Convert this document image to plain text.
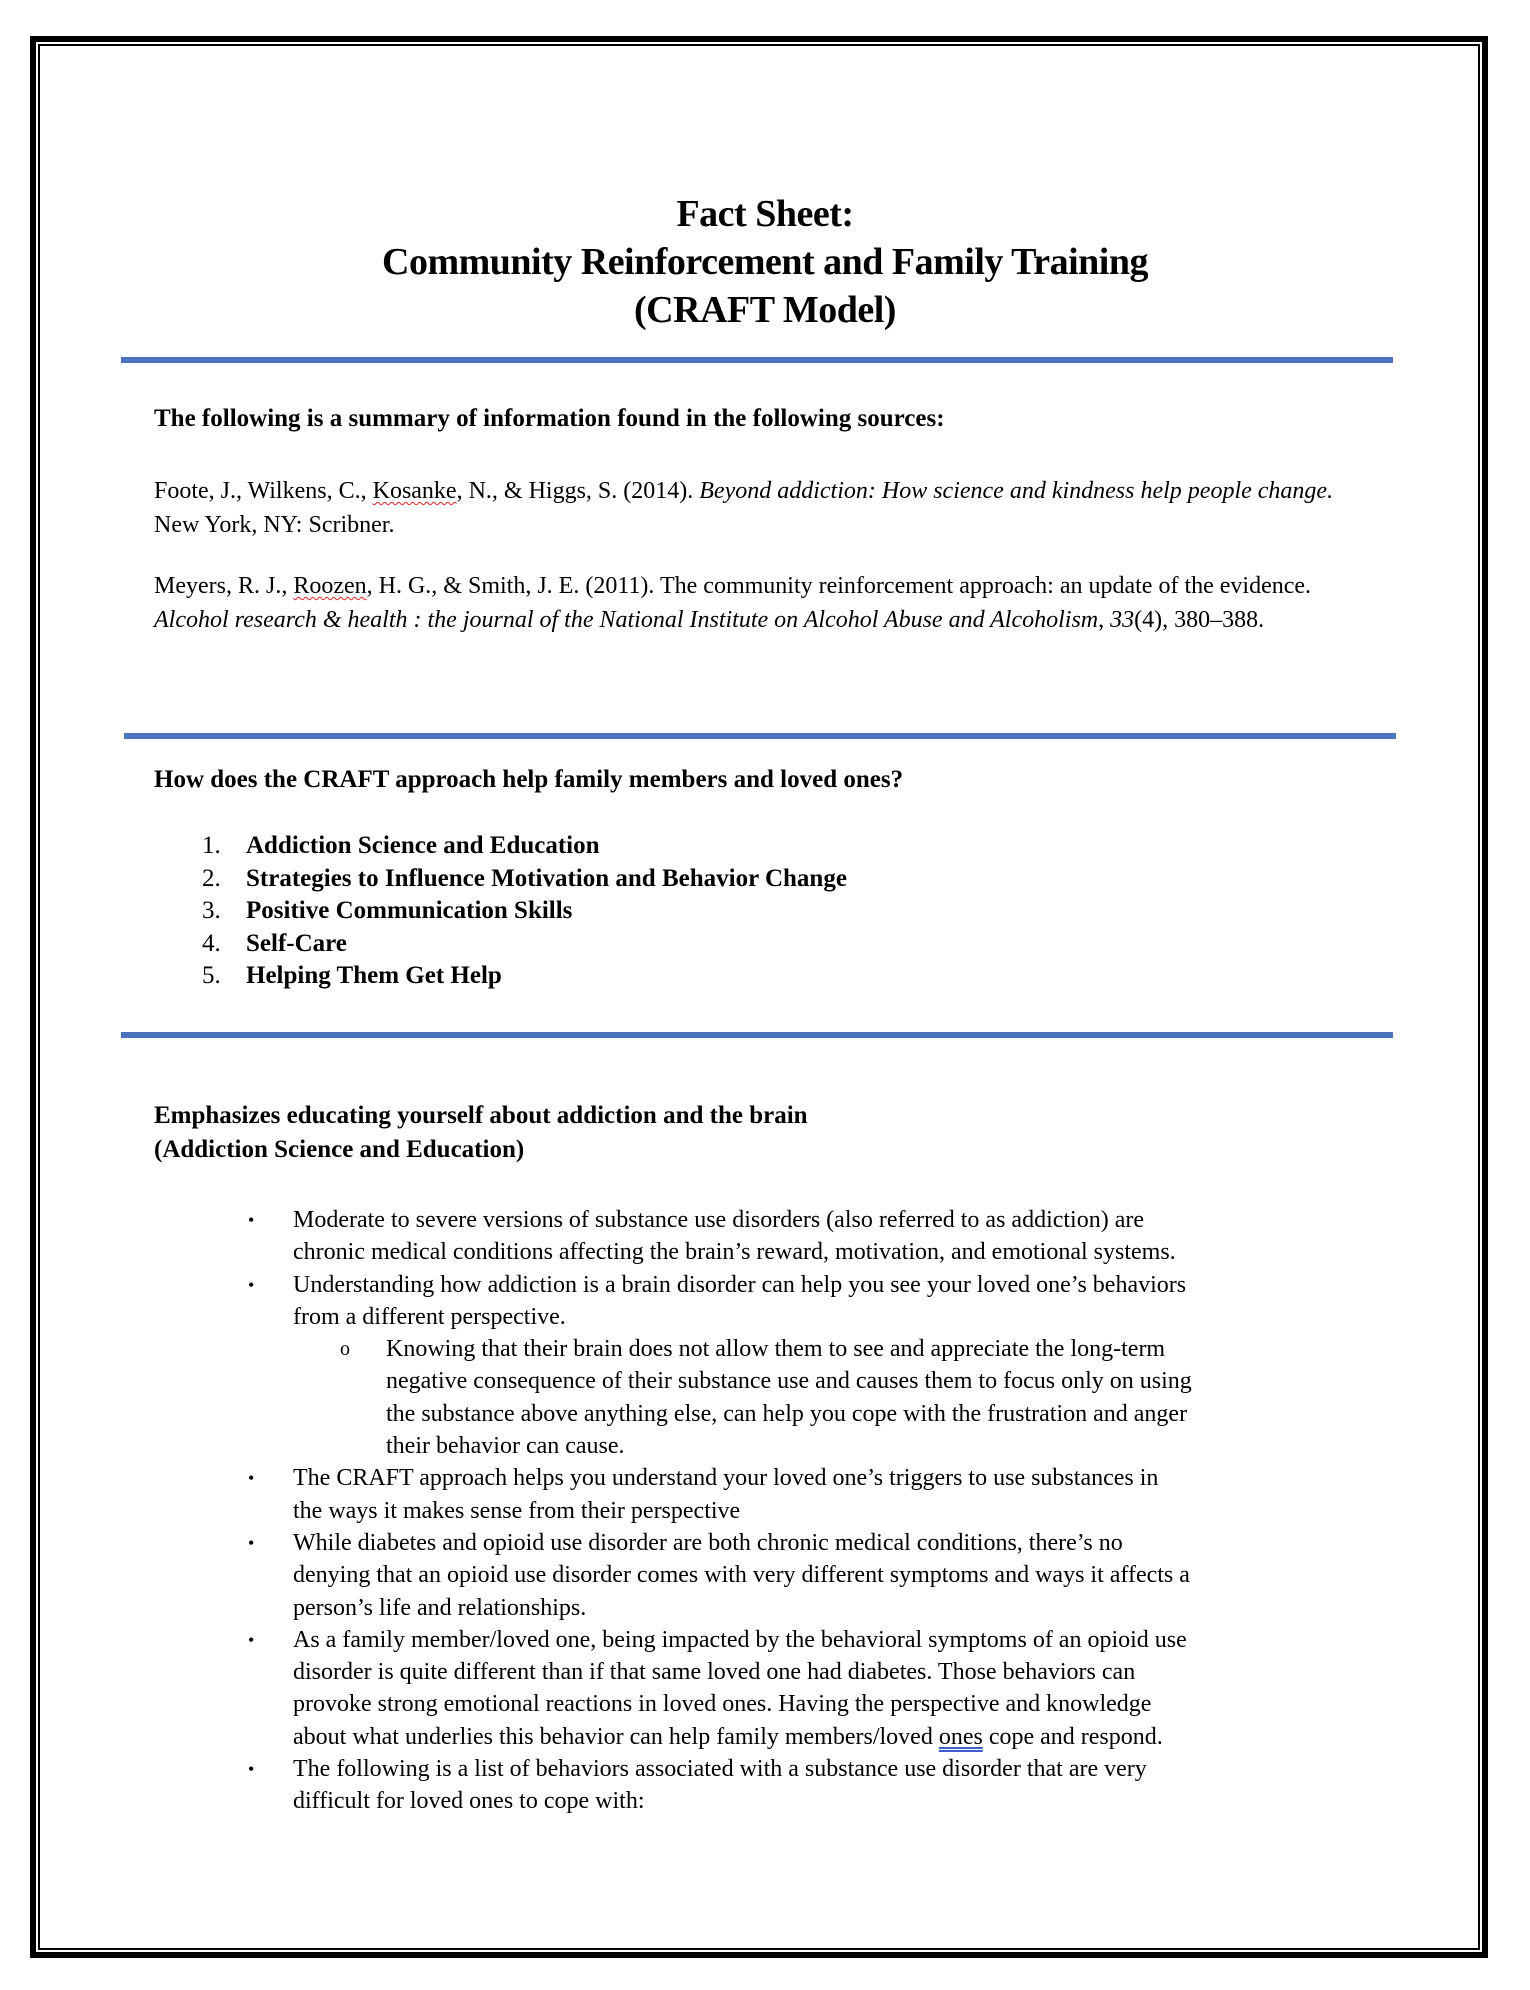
Fact Sheet:
Community Reinforcement and Family Training
(CRAFT Model)
The following is a summary of information found in the following sources:
Foote, J., Wilkens, C., Kosanke, N., & Higgs, S. (2014). Beyond addiction: How science and kindness help people change. New York, NY: Scribner.
Meyers, R. J., Roozen, H. G., & Smith, J. E. (2011). The community reinforcement approach: an update of the evidence. Alcohol research & health : the journal of the National Institute on Alcohol Abuse and Alcoholism, 33(4), 380–388.
How does the CRAFT approach help family members and loved ones?
1. Addiction Science and Education
2. Strategies to Influence Motivation and Behavior Change
3. Positive Communication Skills
4. Self-Care
5. Helping Them Get Help
Emphasizes educating yourself about addiction and the brain
(Addiction Science and Education)
• Moderate to severe versions of substance use disorders (also referred to as addiction) are
chronic medical conditions affecting the brain’s reward, motivation, and emotional systems.
• Understanding how addiction is a brain disorder can help you see your loved one’s behaviors
from a different perspective.
o Knowing that their brain does not allow them to see and appreciate the long-term
negative consequence of their substance use and causes them to focus only on using
the substance above anything else, can help you cope with the frustration and anger
their behavior can cause.
• The CRAFT approach helps you understand your loved one’s triggers to use substances in
the ways it makes sense from their perspective
• While diabetes and opioid use disorder are both chronic medical conditions, there’s no
denying that an opioid use disorder comes with very different symptoms and ways it affects a
person’s life and relationships.
• As a family member/loved one, being impacted by the behavioral symptoms of an opioid use
disorder is quite different than if that same loved one had diabetes. Those behaviors can
provoke strong emotional reactions in loved ones. Having the perspective and knowledge
about what underlies this behavior can help family members/loved ones cope and respond.
• The following is a list of behaviors associated with a substance use disorder that are very
difficult for loved ones to cope with:
